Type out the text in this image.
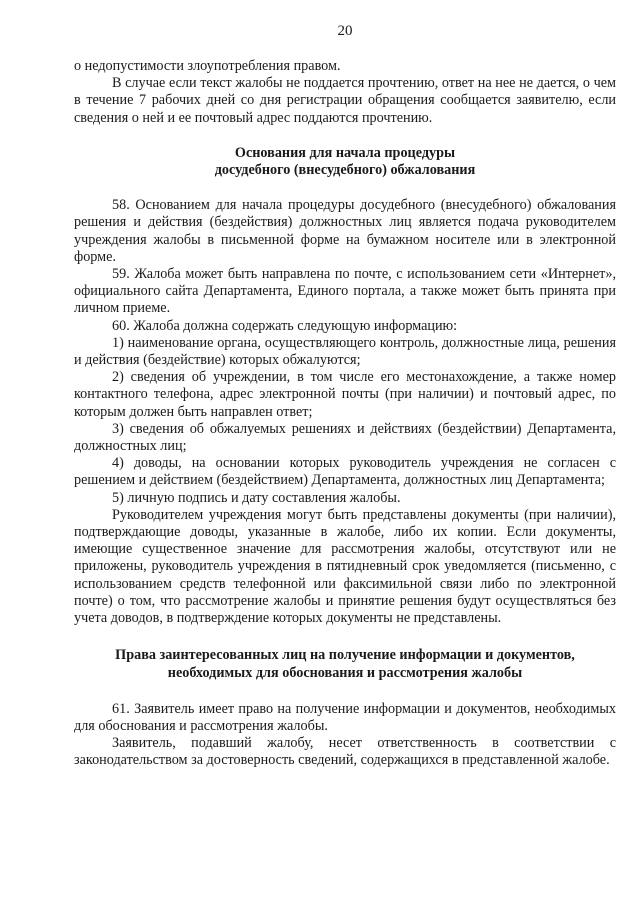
20

о недопустимости злоупотребления правом.

В случае если текст жалобы не поддается прочтению, ответ на нее не дается, о чем в течение 7 рабочих дней со дня регистрации обращения сообщается заявителю, если сведения о ней и ее почтовый адрес поддаются прочтению.

Основания для начала процедуры
досудебного (внесудебного) обжалования

58. Основанием для начала процедуры досудебного (внесудебного) обжалования решения и действия (бездействия) должностных лиц является подача руководителем учреждения жалобы в письменной форме на бумажном носителе или в электронной форме.

59. Жалоба может быть направлена по почте, с использованием сети «Интернет», официального сайта Департамента, Единого портала, а также может быть принята при личном приеме.

60. Жалоба должна содержать следующую информацию:

1) наименование органа, осуществляющего контроль, должностные лица, решения и действия (бездействие) которых обжалуются;

2) сведения об учреждении, в том числе его местонахождение, а также номер контактного телефона, адрес электронной почты (при наличии) и почтовый адрес, по которым должен быть направлен ответ;

3) сведения об обжалуемых решениях и действиях (бездействии) Департамента, должностных лиц;

4) доводы, на основании которых руководитель учреждения не согласен с решением и действием (бездействием) Департамента, должностных лиц Департамента;

5) личную подпись и дату составления жалобы.

Руководителем учреждения могут быть представлены документы (при наличии), подтверждающие доводы, указанные в жалобе, либо их копии. Если документы, имеющие существенное значение для рассмотрения жалобы, отсутствуют или не приложены, руководитель учреждения в пятидневный срок уведомляется (письменно, с использованием средств телефонной или факсимильной связи либо по электронной почте) о том, что рассмотрение жалобы и принятие решения будут осуществляться без учета доводов, в подтверждение которых документы не представлены.

Права заинтересованных лиц на получение информации и документов,
необходимых для обоснования и рассмотрения жалобы

61. Заявитель имеет право на получение информации и документов, необходимых для обоснования и рассмотрения жалобы.

Заявитель, подавший жалобу, несет ответственность в соответствии с законодательством за достоверность сведений, содержащихся в представленной жалобе.
